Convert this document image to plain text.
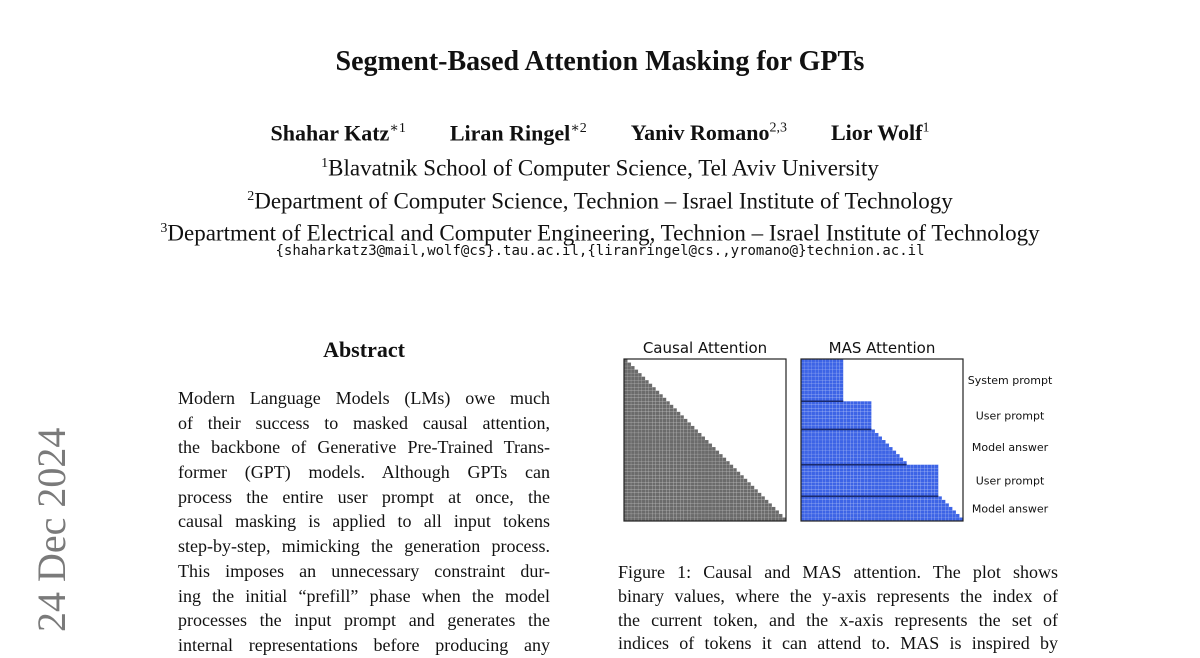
24 Dec 2024
Segment-Based Attention Masking for GPTs
Shahar Katz$^{∗1}$ Liran Ringel$^{∗2}$ Yaniv Romano$^{2,3}$ Lior Wolf$^1$
$^1$Blavatnik School of Computer Science, Tel Aviv University
$^2$Department of Computer Science, Technion – Israel Institute of Technology
$^3$Department of Electrical and Computer Engineering, Technion – Israel Institute of Technology
{shaharkatz3@mail,wolf@cs}.tau.ac.il,{liranringel@cs.,yromano@}technion.ac.il
Abstract
Modern Language Models (LMs) owe much
of their success to masked causal attention,
the backbone of Generative Pre-Trained Trans-
former (GPT) models. Although GPTs can
process the entire user prompt at once, the
causal masking is applied to all input tokens
step-by-step, mimicking the generation process.
This imposes an unnecessary constraint dur-
ing the initial “prefill” phase when the model
processes the input prompt and generates the
internal representations before producing any
Causal Attention	MAS Attention
System prompt
User prompt
Model answer
User prompt
Model answer
Figure 1: Causal and MAS attention. The plot shows
binary values, where the y-axis represents the index of
the current token, and the x-axis represents the set of
indices of tokens it can attend to. MAS is inspired by
